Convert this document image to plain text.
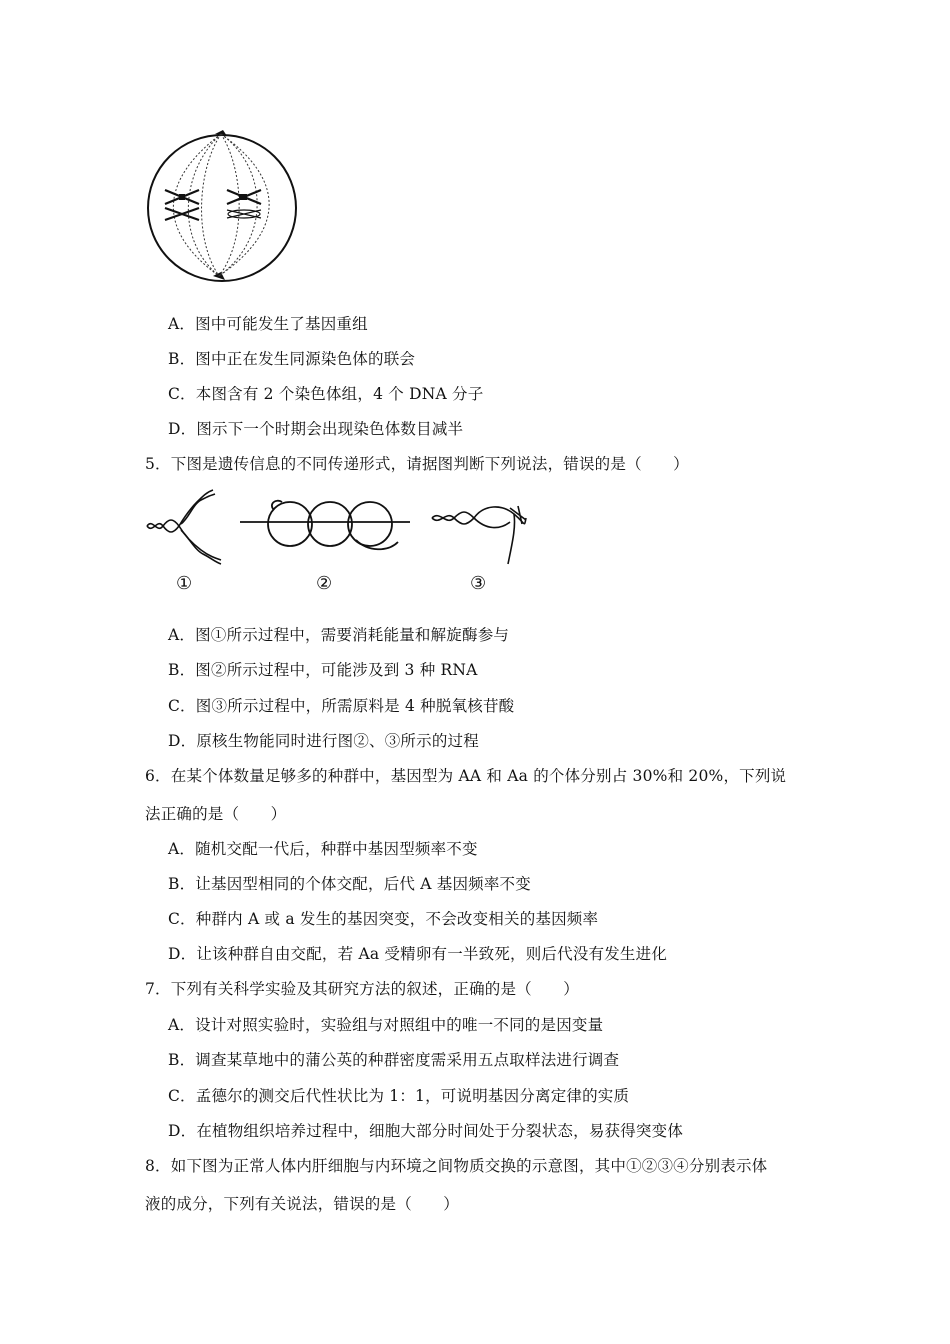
A．图中可能发生了基因重组
B．图中正在发生同源染色体的联会
C．本图含有 2 个染色体组，4 个 DNA 分子
D．图示下一个时期会出现染色体数目减半
5．下图是遗传信息的不同传递形式，请据图判断下列说法，错误的是（　　）
①	②	③
A．图①所示过程中，需要消耗能量和解旋酶参与
B．图②所示过程中，可能涉及到 3 种 RNA
C．图③所示过程中，所需原料是 4 种脱氧核苷酸
D．原核生物能同时进行图②、③所示的过程
6．在某个体数量足够多的种群中，基因型为 AA 和 Aa 的个体分别占 30%和 20%，下列说
法正确的是（　　）
A．随机交配一代后，种群中基因型频率不变
B．让基因型相同的个体交配，后代 A 基因频率不变
C．种群内 A 或 a 发生的基因突变，不会改变相关的基因频率
D．让该种群自由交配，若 Aa 受精卵有一半致死，则后代没有发生进化
7．下列有关科学实验及其研究方法的叙述，正确的是（　　）
A．设计对照实验时，实验组与对照组中的唯一不同的是因变量
B．调查某草地中的蒲公英的种群密度需采用五点取样法进行调查
C．孟德尔的测交后代性状比为 1：1，可说明基因分离定律的实质
D．在植物组织培养过程中，细胞大部分时间处于分裂状态，易获得突变体
8．如下图为正常人体内肝细胞与内环境之间物质交换的示意图，其中①②③④分别表示体
液的成分，下列有关说法，错误的是（　　）
